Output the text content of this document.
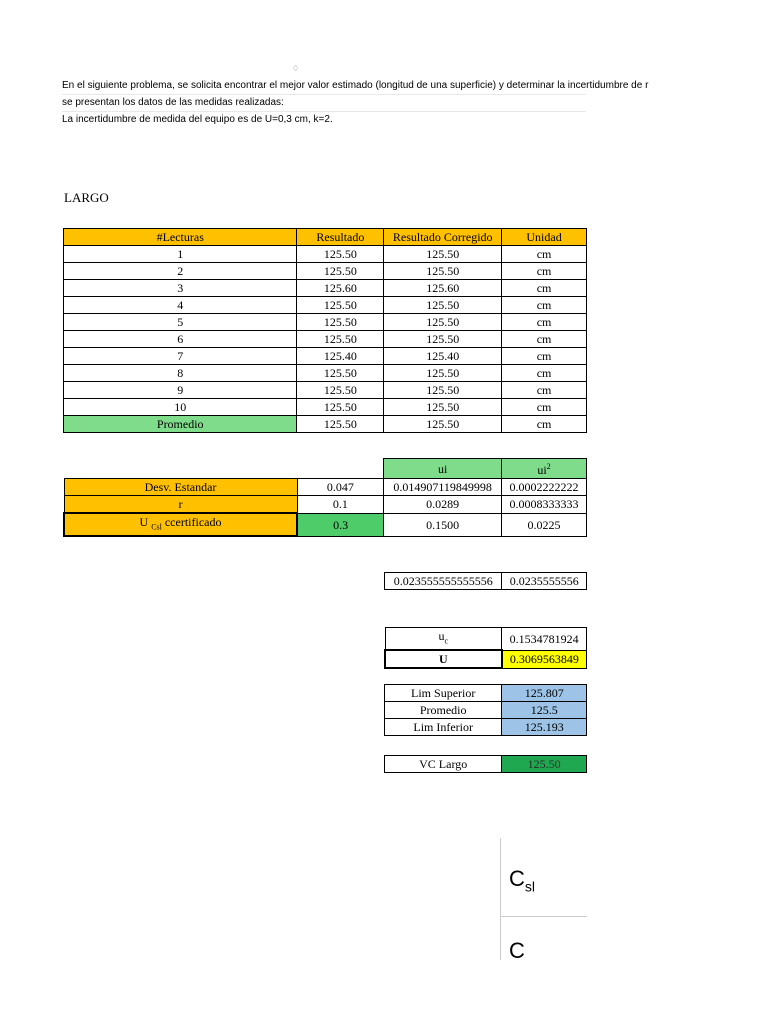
♢
En el siguiente problema, se solicita encontrar el mejor valor estimado (longitud de una superficie) y determinar la incertidumbre de r
se presentan los datos de las medidas realizadas:
La incertidumbre de medida del equipo es de U=0,3 cm, k=2.
LARGO
#Lecturas	Resultado	Resultado Corregido	Unidad
1	125.50	125.50	cm
2	125.50	125.50	cm
3	125.60	125.60	cm
4	125.50	125.50	cm
5	125.50	125.50	cm
6	125.50	125.50	cm
7	125.40	125.40	cm
8	125.50	125.50	cm
9	125.50	125.50	cm
10	125.50	125.50	cm
Promedio	125.50	125.50	cm
		ui	$ui^2$
Desv. Estandar	0.047	0.014907119849998	0.0002222222
r	0.1	0.0289	0.0008333333
U $_{Csl}$ ccertificado	0.3	0.1500	0.0225
0.023555555555556	0.0235555556
$u_c$	0.1534781924
U	0.3069563849
Lim Superior	125.807
Promedio	125.5
Lim Inferior	125.193
VC Largo	125.50
$C_{sl}$
C
